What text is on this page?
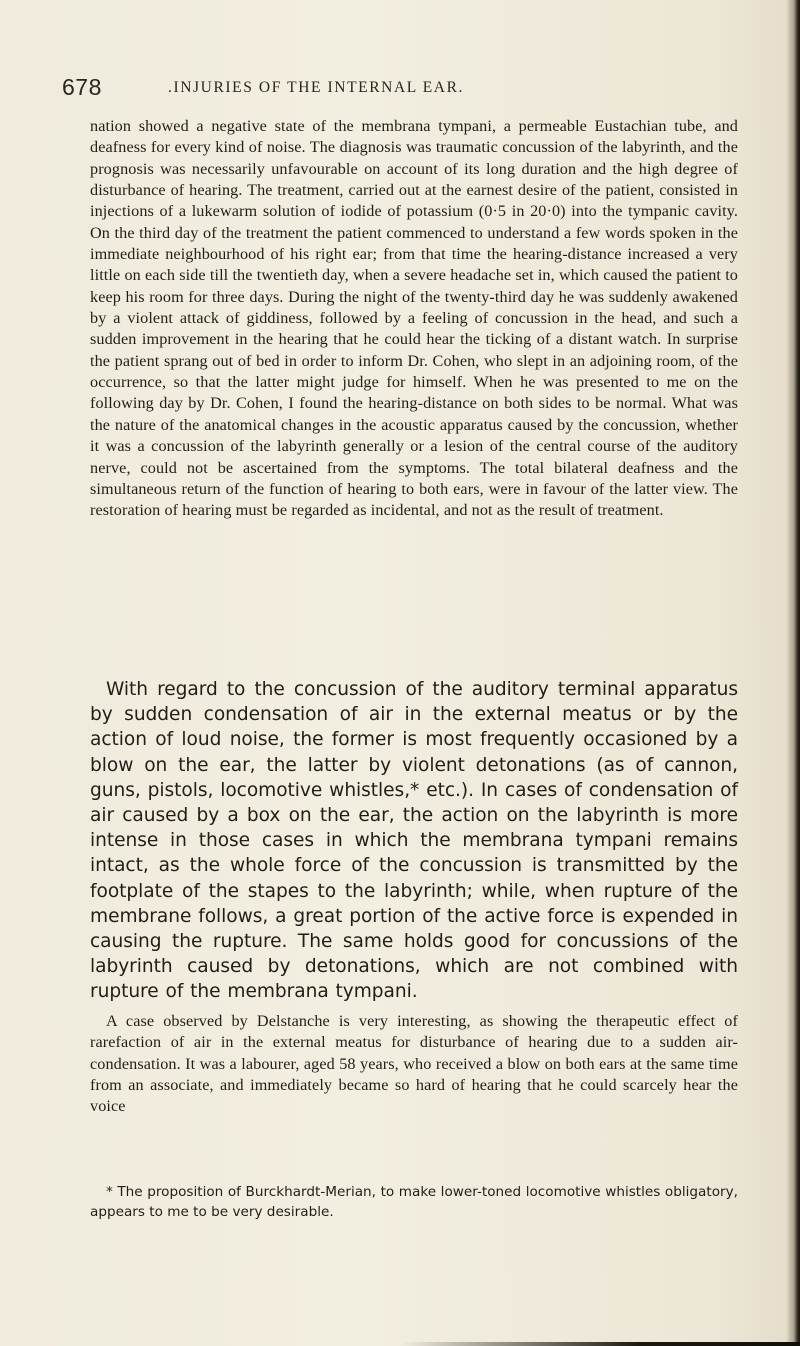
678	.INJURIES OF THE INTERNAL EAR.

nation showed a negative state of the membrana tympani, a permeable Eustachian tube, and deafness for every kind of noise. The diagnosis was traumatic concussion of the labyrinth, and the prognosis was necessarily unfavourable on account of its long duration and the high degree of disturbance of hearing. The treatment, carried out at the earnest desire of the patient, consisted in injections of a lukewarm solution of iodide of potassium (0·5 in 20·0) into the tympanic cavity. On the third day of the treatment the patient commenced to understand a few words spoken in the immediate neighbourhood of his right ear; from that time the hearing-distance increased a very little on each side till the twentieth day, when a severe headache set in, which caused the patient to keep his room for three days. During the night of the twenty-third day he was suddenly awakened by a violent attack of giddiness, followed by a feeling of concussion in the head, and such a sudden improvement in the hearing that he could hear the ticking of a distant watch. In surprise the patient sprang out of bed in order to inform Dr. Cohen, who slept in an adjoining room, of the occurrence, so that the latter might judge for himself. When he was presented to me on the following day by Dr. Cohen, I found the hearing-distance on both sides to be normal. What was the nature of the anatomical changes in the acoustic apparatus caused by the concussion, whether it was a concussion of the labyrinth generally or a lesion of the central course of the auditory nerve, could not be ascertained from the symptoms. The total bilateral deafness and the simultaneous return of the function of hearing to both ears, were in favour of the latter view. The restoration of hearing must be regarded as incidental, and not as the result of treatment.

With regard to the concussion of the auditory terminal apparatus by sudden condensation of air in the external meatus or by the action of loud noise, the former is most frequently occasioned by a blow on the ear, the latter by violent detonations (as of cannon, guns, pistols, locomotive whistles,* etc.). In cases of condensation of air caused by a box on the ear, the action on the labyrinth is more intense in those cases in which the membrana tympani remains intact, as the whole force of the concussion is transmitted by the footplate of the stapes to the labyrinth; while, when rupture of the membrane follows, a great portion of the active force is expended in causing the rupture. The same holds good for concussions of the labyrinth caused by detonations, which are not combined with rupture of the membrana tympani.

A case observed by Delstanche is very interesting, as showing the therapeutic effect of rarefaction of air in the external meatus for disturbance of hearing due to a sudden air-condensation. It was a labourer, aged 58 years, who received a blow on both ears at the same time from an associate, and immediately became so hard of hearing that he could scarcely hear the voice

* The proposition of Burckhardt-Merian, to make lower-toned locomotive whistles obligatory, appears to me to be very desirable.
